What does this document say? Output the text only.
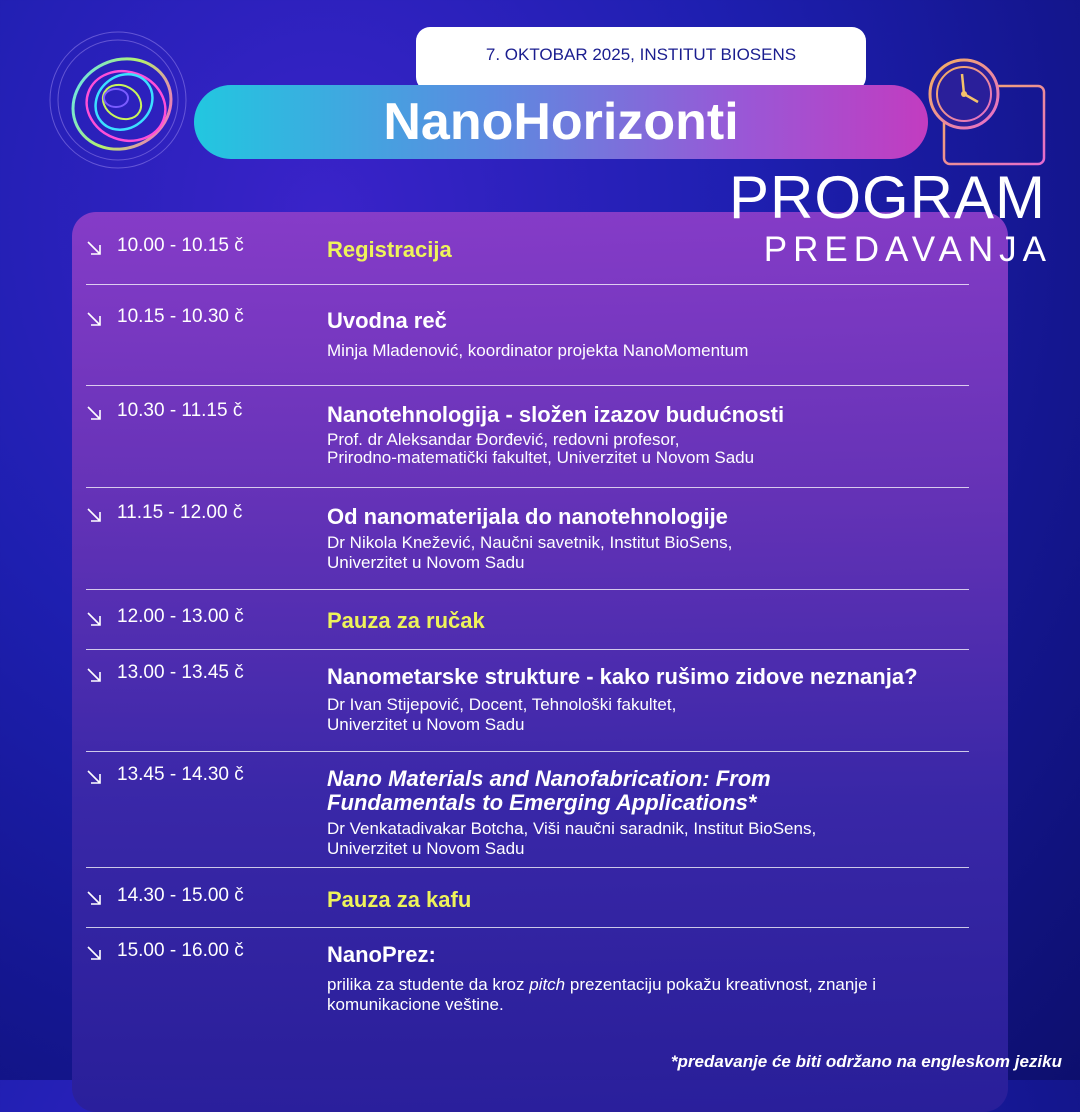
7. OKTOBAR 2025, INSTITUT BIOSENS
NanoHorizonti
PROGRAM
PREDAVANJA
10.00 - 10.15 č	Registracija
10.15 - 10.30 č	Uvodna reč
Minja Mladenović, koordinator projekta NanoMomentum
10.30 - 11.15 č	Nanotehnologija - složen izazov budućnosti
Prof. dr Aleksandar Đorđević, redovni profesor,
Prirodno-matematički fakultet, Univerzitet u Novom Sadu
11.15 - 12.00 č	Od nanomaterijala do nanotehnologije
Dr Nikola Knežević, Naučni savetnik, Institut BioSens,
Univerzitet u Novom Sadu
12.00 - 13.00 č	Pauza za ručak
13.00 - 13.45 č	Nanometarske strukture - kako rušimo zidove neznanja?
Dr Ivan Stijepović, Docent, Tehnološki fakultet,
Univerzitet u Novom Sadu
13.45 - 14.30 č	Nano Materials and Nanofabrication: From
Fundamentals to Emerging Applications*
Dr Venkatadivakar Botcha, Viši naučni saradnik, Institut BioSens,
Univerzitet u Novom Sadu
14.30 - 15.00 č	Pauza za kafu
15.00 - 16.00 č	NanoPrez:
prilika za studente da kroz pitch prezentaciju pokažu kreativnost, znanje i
komunikacione veštine.
*predavanje će biti održano na engleskom jeziku
